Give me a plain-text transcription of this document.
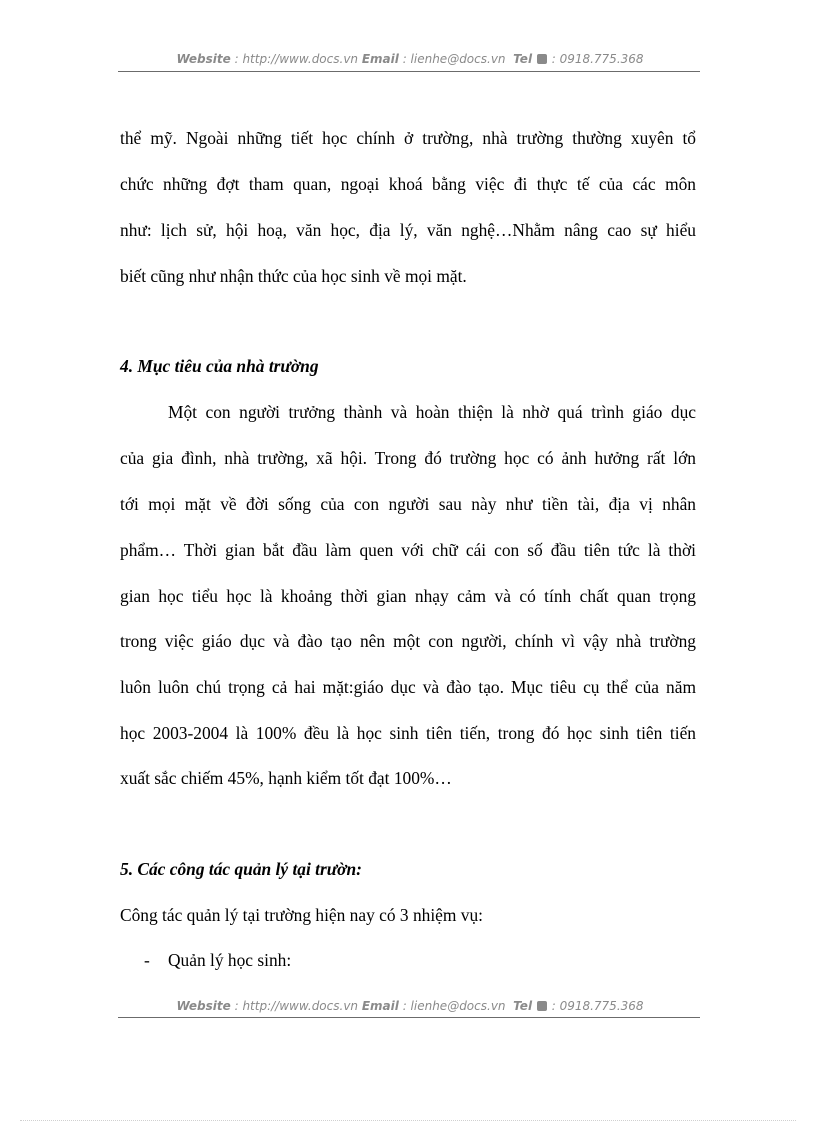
Website : http://www.docs.vn Email : lienhe@docs.vn  Tel  : 0918.775.368
thể mỹ. Ngoài những tiết học chính ở trường, nhà trường thường xuyên tổ
chức những đợt tham quan, ngoại khoá bằng việc đi thực tế của các môn
như: lịch sử, hội hoạ, văn học, địa lý, văn nghệ…Nhằm nâng cao sự hiểu
biết cũng như nhận thức của học sinh về mọi mặt.
4. Mục tiêu của nhà trường
Một con người trưởng thành và hoàn thiện là nhờ quá trình giáo dục
của gia đình, nhà trường, xã hội. Trong đó trường học có ảnh hưởng rất lớn
tới mọi mặt về đời sống của con người sau này như tiền tài, địa vị nhân
phẩm… Thời gian bắt đầu làm quen với chữ cái con số đầu tiên tức là thời
gian học tiểu học là khoảng thời gian nhạy cảm và có tính chất quan trọng
trong việc giáo dục và đào tạo nên một con người, chính vì vậy nhà trường
luôn luôn chú trọng cả hai mặt:giáo dục và đào tạo. Mục tiêu cụ thể của năm
học 2003-2004 là 100% đều là học sinh tiên tiến, trong đó học sinh tiên tiến
xuất sắc chiếm 45%, hạnh kiểm tốt đạt 100%…
5. Các công tác quản lý tại trườn:
Công tác quản lý tại trường hiện nay có 3 nhiệm vụ:
- Quản lý học sinh:
Website : http://www.docs.vn Email : lienhe@docs.vn  Tel  : 0918.775.368
